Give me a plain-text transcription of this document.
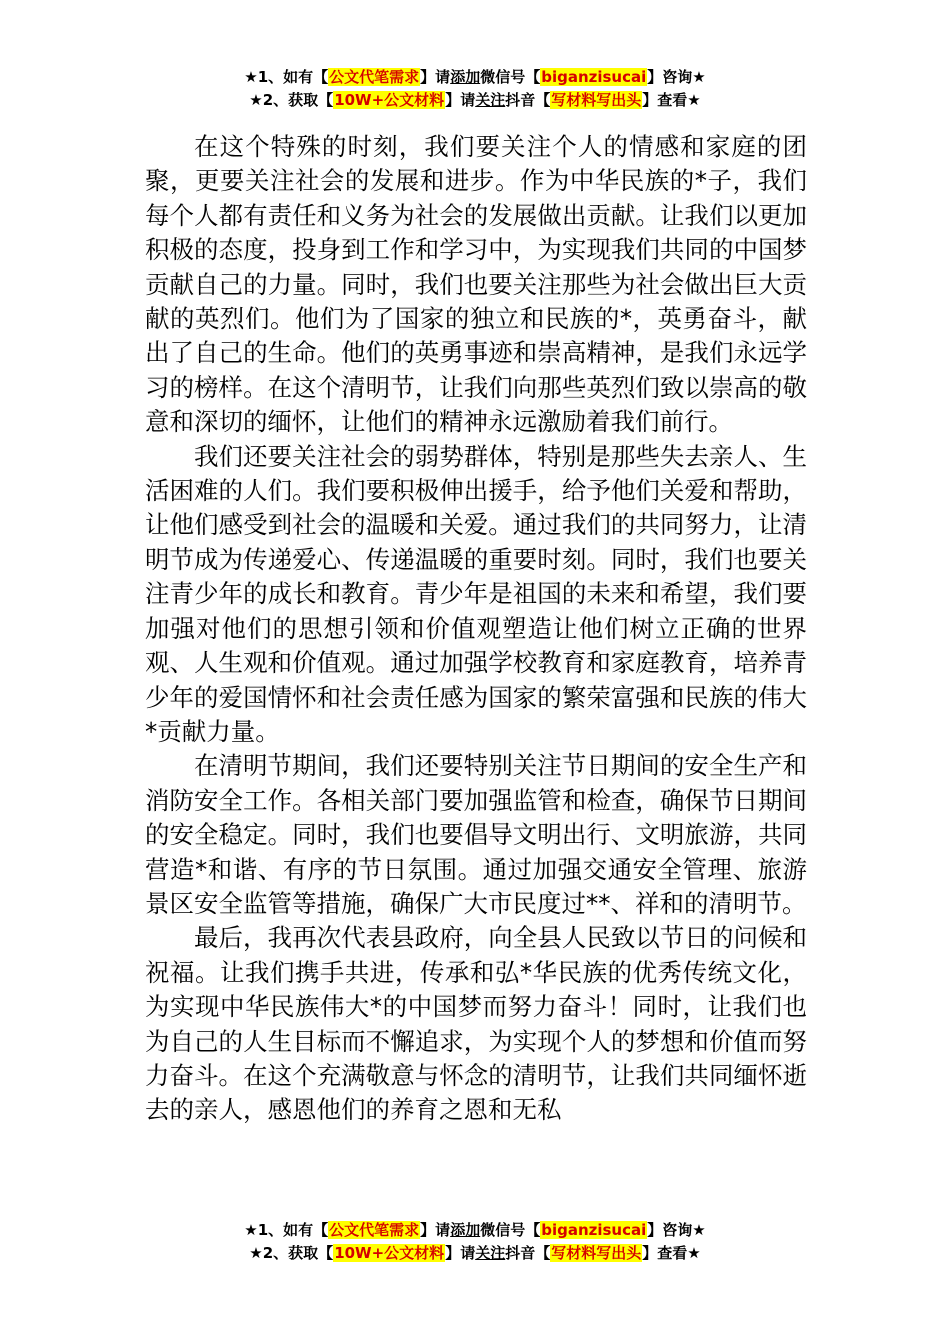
★1、如有【公文代笔需求】请添加微信号【biganzisucai】咨询★
★2、获取【10W+公文材料】请关注抖音【写材料写出头】查看★

在这个特殊的时刻，我们要关注个人的情感和家庭的团聚，更要关注社会的发展和进步。作为中华民族的*子，我们每个人都有责任和义务为社会的发展做出贡献。让我们以更加积极的态度，投身到工作和学习中，为实现我们共同的中国梦贡献自己的力量。同时，我们也要关注那些为社会做出巨大贡献的英烈们。他们为了国家的独立和民族的*，英勇奋斗，献出了自己的生命。他们的英勇事迹和崇高精神，是我们永远学习的榜样。在这个清明节，让我们向那些英烈们致以崇高的敬意和深切的缅怀，让他们的精神永远激励着我们前行。

我们还要关注社会的弱势群体，特别是那些失去亲人、生活困难的人们。我们要积极伸出援手，给予他们关爱和帮助，让他们感受到社会的温暖和关爱。通过我们的共同努力，让清明节成为传递爱心、传递温暖的重要时刻。同时，我们也要关注青少年的成长和教育。青少年是祖国的未来和希望，我们要加强对他们的思想引领和价值观塑造让他们树立正确的世界观、人生观和价值观。通过加强学校教育和家庭教育，培养青少年的爱国情怀和社会责任感为国家的繁荣富强和民族的伟大*贡献力量。

在清明节期间，我们还要特别关注节日期间的安全生产和消防安全工作。各相关部门要加强监管和检查，确保节日期间的安全稳定。同时，我们也要倡导文明出行、文明旅游，共同营造*和谐、有序的节日氛围。通过加强交通安全管理、旅游景区安全监管等措施，确保广大市民度过**、祥和的清明节。

最后，我再次代表县政府，向全县人民致以节日的问候和祝福。让我们携手共进，传承和弘*华民族的优秀传统文化，为实现中华民族伟大*的中国梦而努力奋斗！同时，让我们也为自己的人生目标而不懈追求，为实现个人的梦想和价值而努力奋斗。在这个充满敬意与怀念的清明节，让我们共同缅怀逝去的亲人，感恩他们的养育之恩和无私

★1、如有【公文代笔需求】请添加微信号【biganzisucai】咨询★
★2、获取【10W+公文材料】请关注抖音【写材料写出头】查看★
